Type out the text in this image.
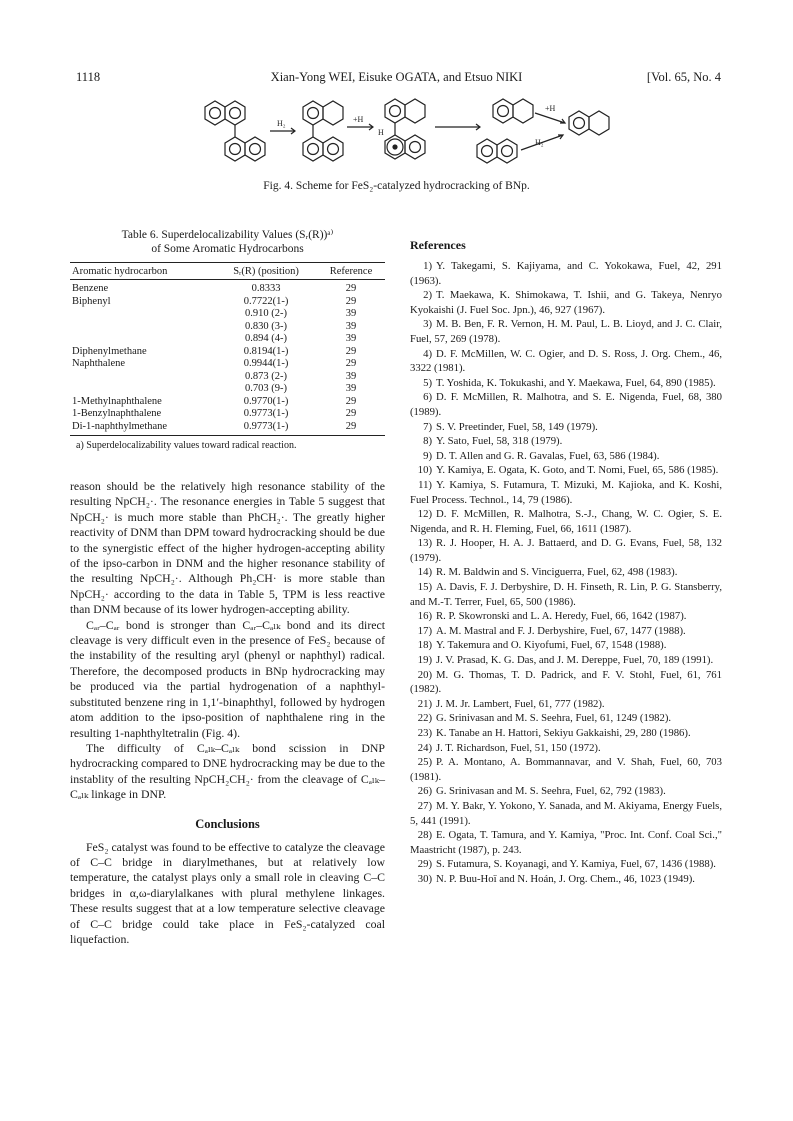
1118	Xian-Yong WEI, Eisuke OGATA, and Etsuo NIKI	[Vol. 65, No. 4
H₂	+H
H
+H
H₂
Fig. 4. Scheme for FeS₂-catalyzed hydrocracking of BNp.
Table 6. Superdelocalizability Values (Sᵣ(R))ᵃ⁾
of Some Aromatic Hydrocarbons
Aromatic hydrocarbon	Sᵣ(R) (position)	Reference
Benzene	0.8333	29
Biphenyl	0.7722(1-)	29
	0.910 (2-)	39
	0.830 (3-)	39
	0.894 (4-)	39
Diphenylmethane	0.8194(1-)	29
Naphthalene	0.9944(1-)	29
	0.873 (2-)	39
	0.703 (9-)	39
1-Methylnaphthalene	0.9770(1-)	29
1-Benzylnaphthalene	0.9773(1-)	29
Di-1-naphthylmethane	0.9773(1-)	29
a) Superdelocalizability values toward radical reaction.

reason should be the relatively high resonance stability of the resulting NpCH₂·. The resonance energies in Table 5 suggest that NpCH₂· is much more stable than PhCH₂·. The greatly higher reactivity of DNM than DPM toward hydrocracking should be due to the synergistic effect of the higher hydrogen-accepting ability of the ipso-carbon in DNM and the higher resonance stability of the resulting NpCH₂·. Although Ph₂CH· is more stable than NpCH₂· according to the data in Table 5, TPM is less reactive than DNM because of its lower hydrogen-accepting ability.

Cₐᵣ–Cₐᵣ bond is stronger than Cₐᵣ–Cₐₗₖ bond and its direct cleavage is very difficult even in the presence of FeS₂ because of the instability of the resulting aryl (phenyl or naphthyl) radical. Therefore, the decomposed products in BNp hydrocracking may be produced via the partial hydrogenation of a naphthyl-substituted benzene ring in 1,1′-binaphthyl, followed by hydrogen atom addition to the ipso-position of naphthalene ring in the resulting 1-naphthyltetralin (Fig. 4).

The difficulty of Cₐₗₖ–Cₐₗₖ bond scission in DNP hydrocracking compared to DNE hydrocracking may be due to the instablity of the resulting NpCH₂CH₂· from the cleavage of Cₐₗₖ–Cₐₗₖ linkage in DNP.

Conclusions

FeS₂ catalyst was found to be effective to catalyze the cleavage of C–C bridge in diarylmethanes, but at relatively low temperature, the catalyst plays only a small role in cleaving C–C bridges in α,ω-diarylalkanes with plural methylene linkages. These results suggest that at a low temperature selective cleavage of C–C bridge could take place in FeS₂-catalyzed coal liquefaction.

References

1) Y. Takegami, S. Kajiyama, and C. Yokokawa, Fuel, 42, 291 (1963).

2) T. Maekawa, K. Shimokawa, T. Ishii, and G. Takeya, Nenryo Kyokaishi (J. Fuel Soc. Jpn.), 46, 927 (1967).

3) M. B. Ben, F. R. Vernon, H. M. Paul, L. B. Lioyd, and J. C. Clair, Fuel, 57, 269 (1978).

4) D. F. McMillen, W. C. Ogier, and D. S. Ross, J. Org. Chem., 46, 3322 (1981).

5) T. Yoshida, K. Tokukashi, and Y. Maekawa, Fuel, 64, 890 (1985).

6) D. F. McMillen, R. Malhotra, and S. E. Nigenda, Fuel, 68, 380 (1989).

7) S. V. Preetinder, Fuel, 58, 149 (1979).

8) Y. Sato, Fuel, 58, 318 (1979).

9) D. T. Allen and G. R. Gavalas, Fuel, 63, 586 (1984).

10) Y. Kamiya, E. Ogata, K. Goto, and T. Nomi, Fuel, 65, 586 (1985).

11) Y. Kamiya, S. Futamura, T. Mizuki, M. Kajioka, and K. Koshi, Fuel Process. Technol., 14, 79 (1986).

12) D. F. McMillen, R. Malhotra, S.-J., Chang, W. C. Ogier, S. E. Nigenda, and R. H. Fleming, Fuel, 66, 1611 (1987).

13) R. J. Hooper, H. A. J. Battaerd, and D. G. Evans, Fuel, 58, 132 (1979).

14) R. M. Baldwin and S. Vinciguerra, Fuel, 62, 498 (1983).

15) A. Davis, F. J. Derbyshire, D. H. Finseth, R. Lin, P. G. Stansberry, and M.-T. Terrer, Fuel, 65, 500 (1986).

16) R. P. Skowronski and L. A. Heredy, Fuel, 66, 1642 (1987).

17) A. M. Mastral and F. J. Derbyshire, Fuel, 67, 1477 (1988).

18) Y. Takemura and O. Kiyofumi, Fuel, 67, 1548 (1988).

19) J. V. Prasad, K. G. Das, and J. M. Dereppe, Fuel, 70, 189 (1991).

20) M. G. Thomas, T. D. Padrick, and F. V. Stohl, Fuel, 61, 761 (1982).

21) J. M. Jr. Lambert, Fuel, 61, 777 (1982).

22) G. Srinivasan and M. S. Seehra, Fuel, 61, 1249 (1982).

23) K. Tanabe an H. Hattori, Sekiyu Gakkaishi, 29, 280 (1986).

24) J. T. Richardson, Fuel, 51, 150 (1972).

25) P. A. Montano, A. Bommannavar, and V. Shah, Fuel, 60, 703 (1981).

26) G. Srinivasan and M. S. Seehra, Fuel, 62, 792 (1983).

27) M. Y. Bakr, Y. Yokono, Y. Sanada, and M. Akiyama, Energy Fuels, 5, 441 (1991).

28) E. Ogata, T. Tamura, and Y. Kamiya, "Proc. Int. Conf. Coal Sci.," Maastricht (1987), p. 243.

29) S. Futamura, S. Koyanagi, and Y. Kamiya, Fuel, 67, 1436 (1988).

30) N. P. Buu-Hoï and N. Hoán, J. Org. Chem., 46, 1023 (1949).
